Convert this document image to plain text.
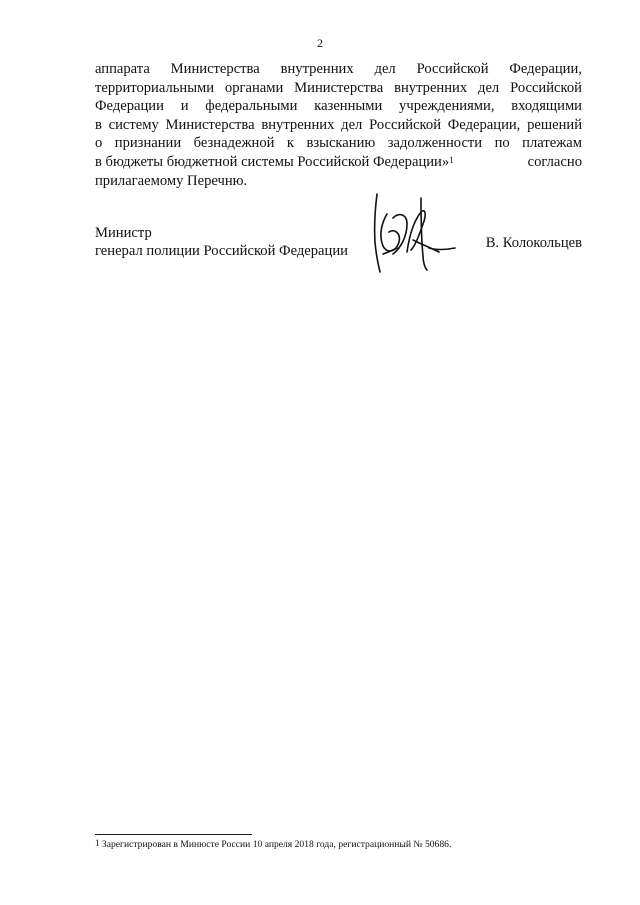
2
аппарата Министерства внутренних дел Российской Федерации,
территориальными органами Министерства внутренних дел Российской
Федерации и федеральными казенными учреждениями, входящими
в систему Министерства внутренних дел Российской Федерации, решений
о признании безнадежной к взысканию задолженности по платежам
в бюджеты бюджетной системы Российской Федерации»$^1$	согласно
прилагаемому Перечню.
Министр
генерал полиции Российской Федерации	В. Колокольцев
$^1$ Зарегистрирован в Минюсте России 10 апреля 2018 года, регистрационный № 50686.
